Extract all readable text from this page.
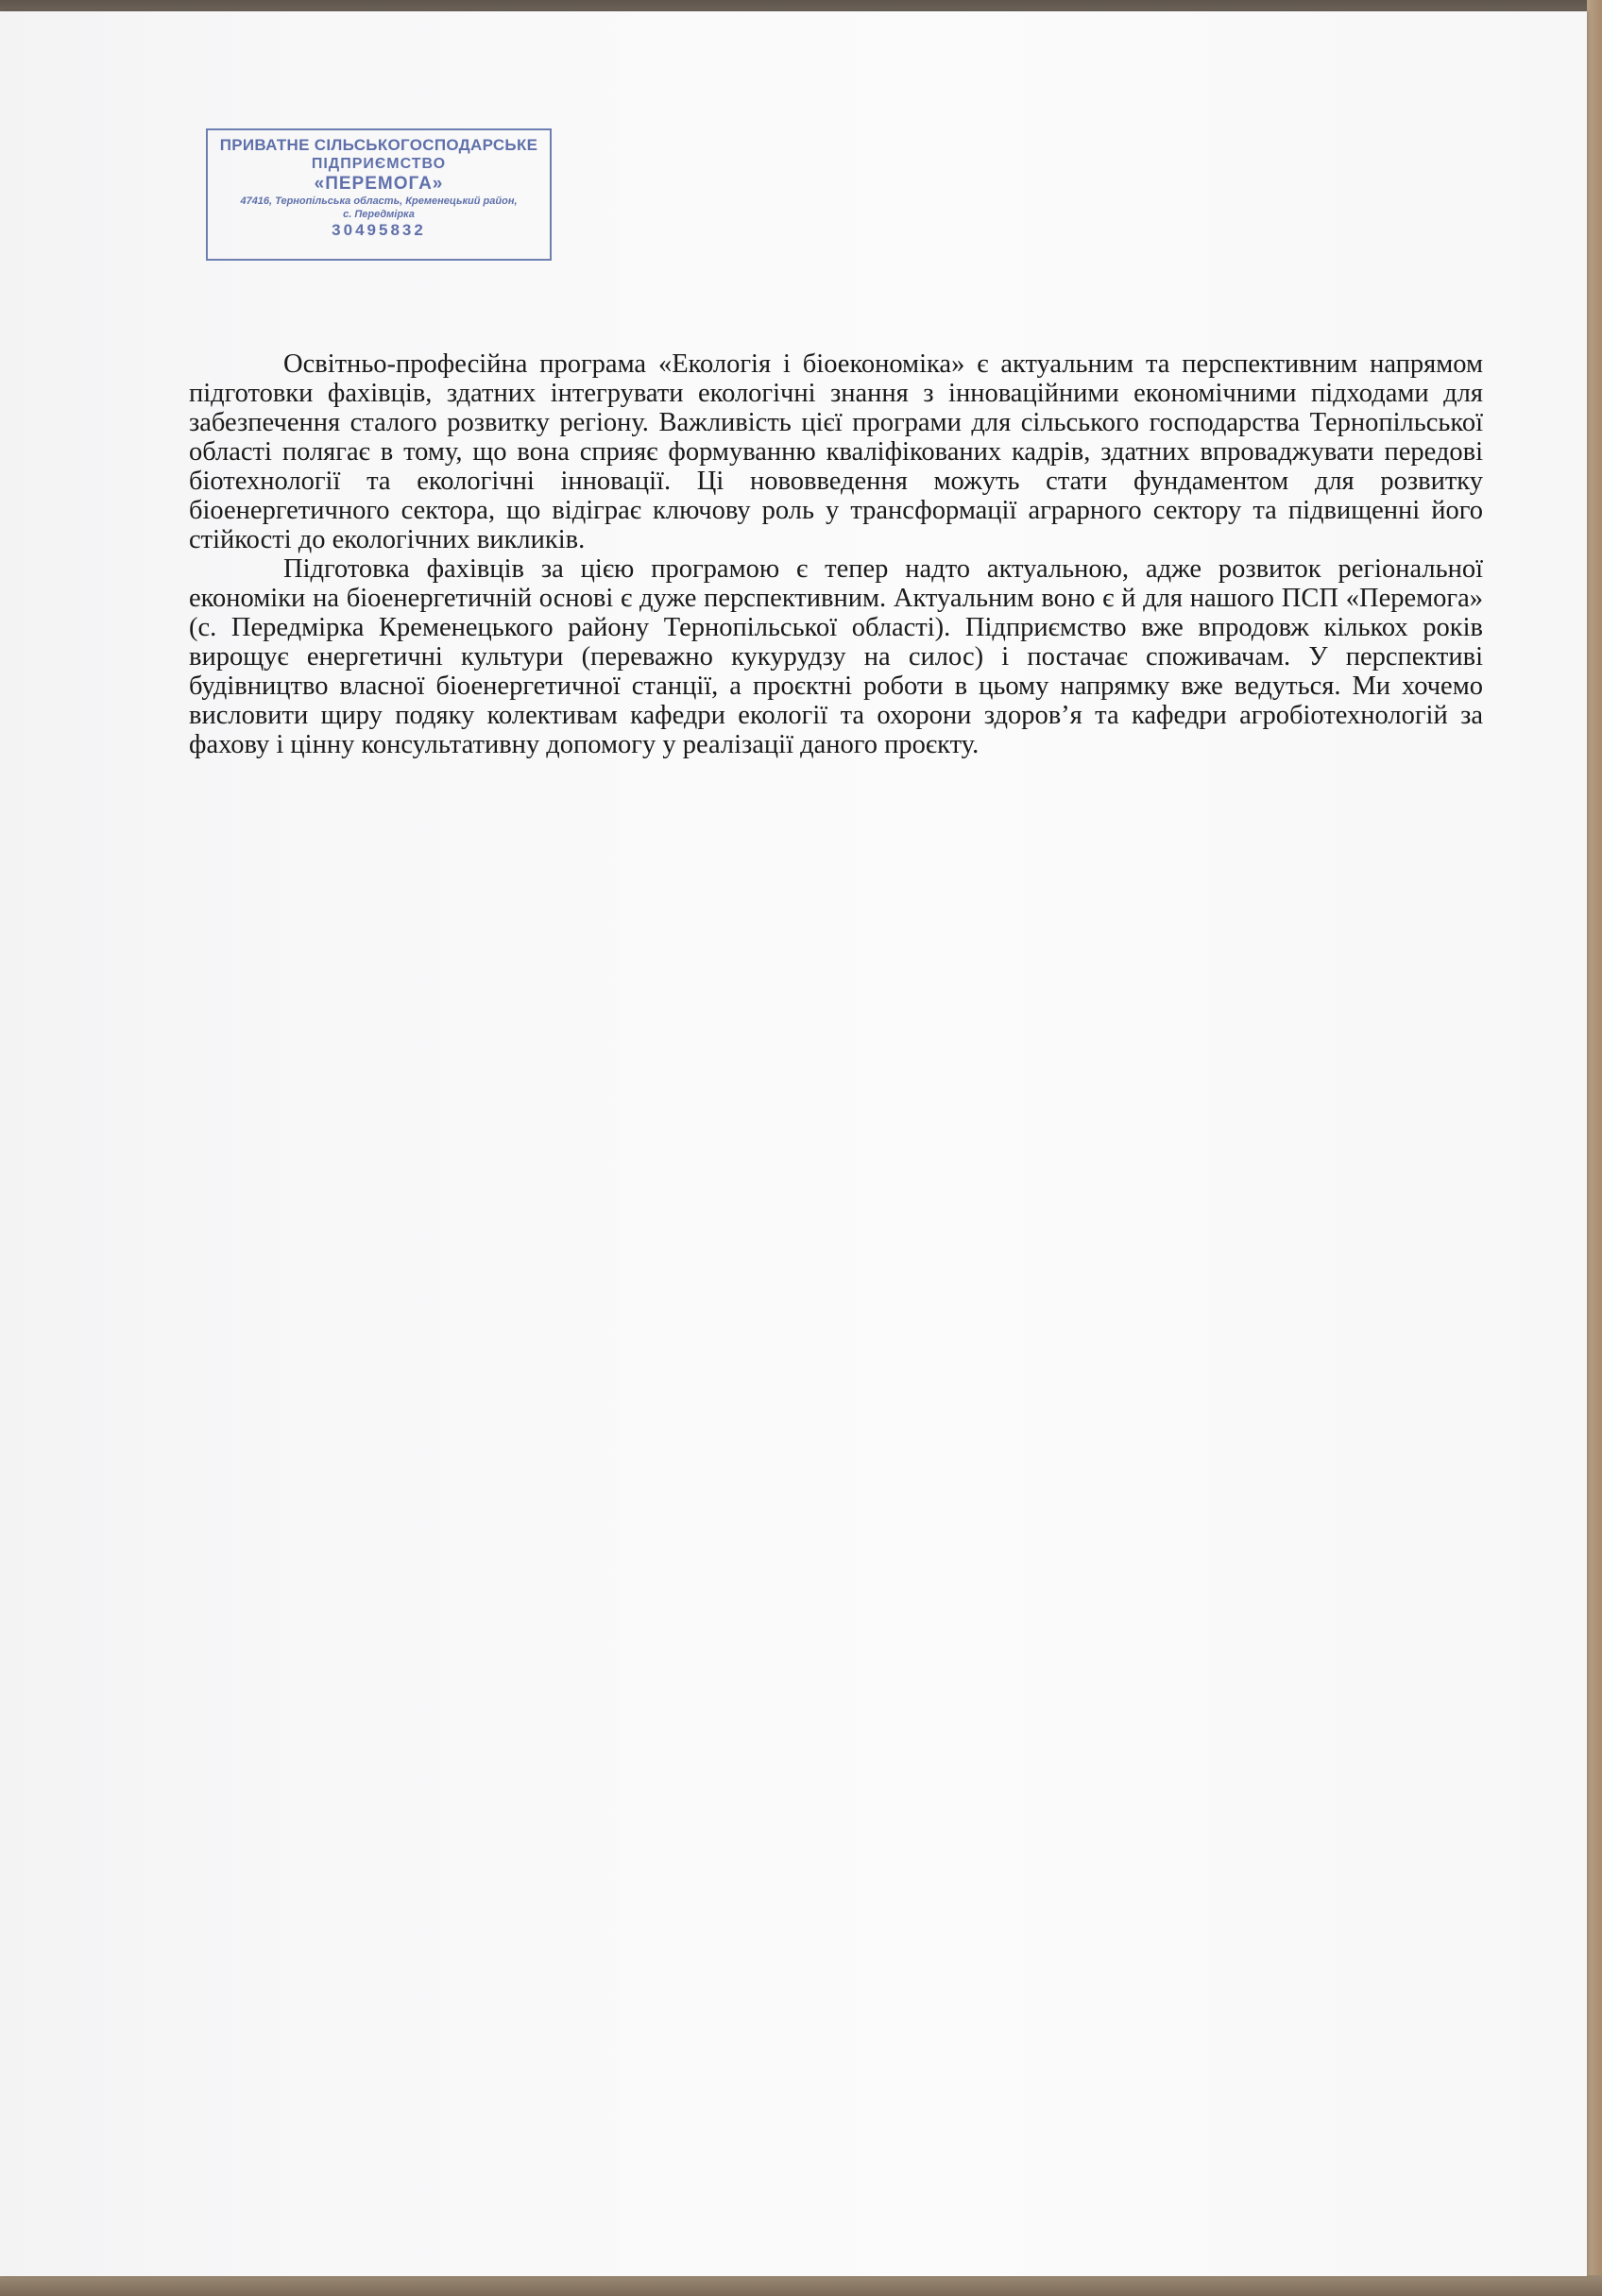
ПРИВАТНЕ СІЛЬСЬКОГОСПОДАРСЬКЕ
ПІДПРИЄМСТВО
«ПЕРЕМОГА»
47416, Тернопільська область, Кременецький район,
с. Передмірка
30495832

Освітньо-професійна програма «Екологія і біоекономіка» є актуальним та перспективним напрямом підготовки фахівців, здатних інтегрувати екологічні знання з інноваційними економічними підходами для забезпечення сталого розвитку регіону. Важливість цієї програми для сільського господарства Тернопільської області полягає в тому, що вона сприяє формуванню кваліфікованих кадрів, здатних впроваджувати передові біотехнології та екологічні інновації. Ці нововведення можуть стати фундаментом для розвитку біоенергетичного сектора, що відіграє ключову роль у трансформації аграрного сектору та підвищенні його стійкості до екологічних викликів.

Підготовка фахівців за цією програмою є тепер надто актуальною, адже розвиток регіональної економіки на біоенергетичній основі є дуже перспективним. Актуальним воно є й для нашого ПСП «Перемога» (с. Передмірка Кременецького району Тернопільської області). Підприємство вже впродовж кількох років вирощує енергетичні культури (переважно кукурудзу на силос) і постачає споживачам. У перспективі будівництво власної біоенергетичної станції, а проєктні роботи в цьому напрямку вже ведуться. Ми хочемо висловити щиру подяку колективам кафедри екології та охорони здоров’я та кафедри агробіотехнологій за фахову і цінну консультативну допомогу у реалізації даного проєкту.
